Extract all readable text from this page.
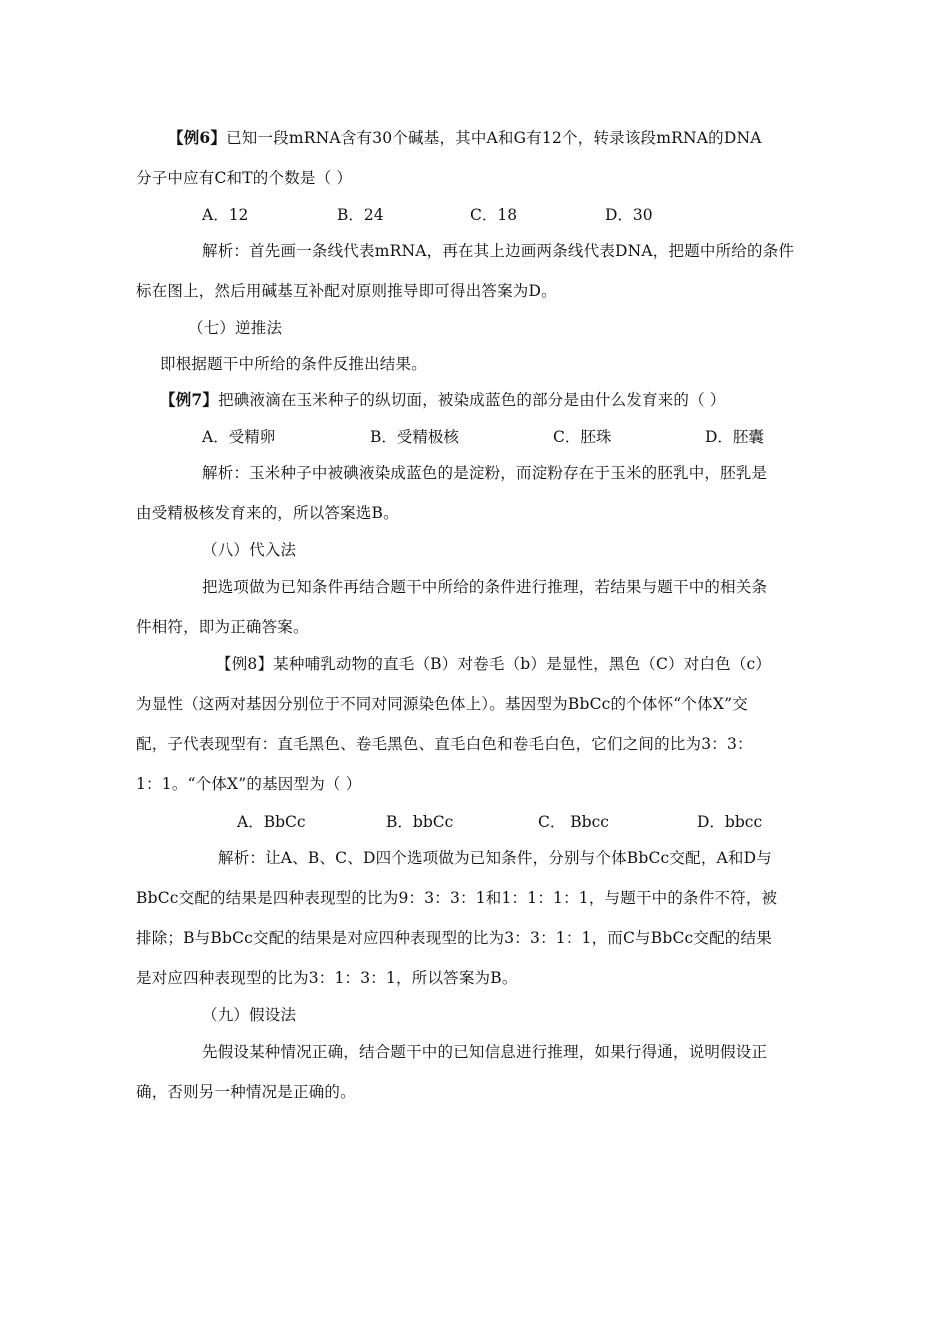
【例6】已知一段mRNA含有30个碱基，其中A和G有12个，转录该段mRNA的DNA
分子中应有C和T的个数是（ ）
A．12	B．24	C．18	D．30
解析：首先画一条线代表mRNA，再在其上边画两条线代表DNA，把题中所给的条件
标在图上，然后用碱基互补配对原则推导即可得出答案为D。
（七）逆推法
即根据题干中所给的条件反推出结果。
【例7】把碘液滴在玉米种子的纵切面，被染成蓝色的部分是由什么发育来的（ ）
A．受精卵	B．受精极核	C．胚珠	D．胚囊
解析：玉米种子中被碘液染成蓝色的是淀粉，而淀粉存在于玉米的胚乳中，胚乳是
由受精极核发育来的，所以答案选B。
（八）代入法
把选项做为已知条件再结合题干中所给的条件进行推理，若结果与题干中的相关条
件相符，即为正确答案。
【例8】某种哺乳动物的直毛（B）对卷毛（b）是显性，黑色（C）对白色（c）
为显性（这两对基因分别位于不同对同源染色体上）。基因型为BbCc的个体怀“个体X”交
配，子代表现型有：直毛黑色、卷毛黑色、直毛白色和卷毛白色，它们之间的比为3：3：
1：1。“个体X”的基因型为（ ）
A．BbCc	B．bbCc	C． Bbcc	D．bbcc
解析：让A、B、C、D四个选项做为已知条件，分别与个体BbCc交配，A和D与
BbCc交配的结果是四种表现型的比为9：3：3：1和1：1：1：1，与题干中的条件不符，被
排除；B与BbCc交配的结果是对应四种表现型的比为3：3：1：1，而C与BbCc交配的结果
是对应四种表现型的比为3：1：3：1，所以答案为B。
（九）假设法
先假设某种情况正确，结合题干中的已知信息进行推理，如果行得通，说明假设正
确，否则另一种情况是正确的。
